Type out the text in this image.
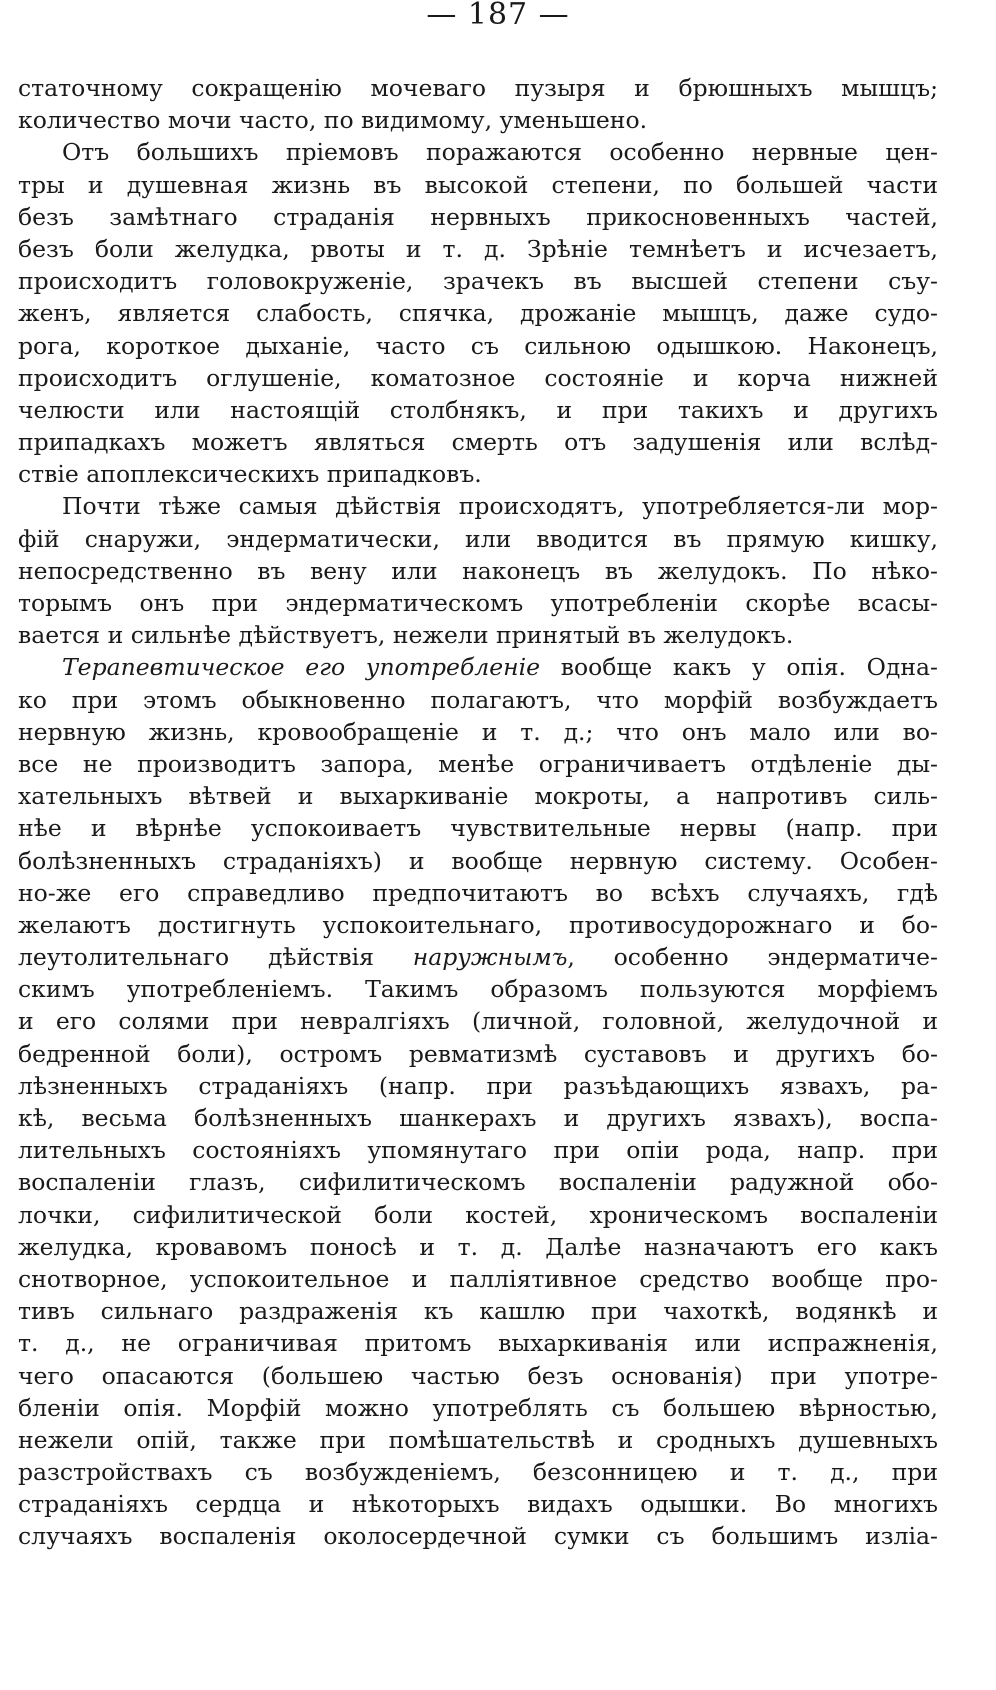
— 187 —
статочному сокращенію мочеваго пузыря и брюшныхъ мышцъ;
количество мочи часто, по видимому, уменьшено.
Отъ большихъ пріемовъ поражаются особенно нервные цен-
тры и душевная жизнь въ высокой степени, по большей части
безъ замѣтнаго страданія нервныхъ прикосновенныхъ частей,
безъ боли желудка, рвоты и т. д. Зрѣніе темнѣетъ и исчезаетъ,
происходитъ головокруженіе, зрачекъ въ высшей степени съу-
женъ, является слабость, спячка, дрожаніе мышцъ, даже судо-
рога, короткое дыханіе, часто съ сильною одышкою. Наконецъ,
происходитъ оглушеніе, коматозное состояніе и корча нижней
челюсти или настоящій столбнякъ, и при такихъ и другихъ
припадкахъ можетъ являться смерть отъ задушенія или вслѣд-
ствіе апоплексическихъ припадковъ.
Почти тѣже самыя дѣйствія происходятъ, употребляется-ли мор-
фій снаружи, эндерматически, или вводится въ прямую кишку,
непосредственно въ вену или наконецъ въ желудокъ. По нѣко-
торымъ онъ при эндерматическомъ употребленіи скорѣе всасы-
вается и сильнѣе дѣйствуетъ, нежели принятый въ желудокъ.
Терапевтическое его употребленіе вообще какъ у опія. Одна-
ко при этомъ обыкновенно полагаютъ, что морфій возбуждаетъ
нервную жизнь, кровообращеніе и т. д.; что онъ мало или во-
все не производитъ запора, менѣе ограничиваетъ отдѣленіе ды-
хательныхъ вѣтвей и выхаркиваніе мокроты, а напротивъ силь-
нѣе и вѣрнѣе успокоиваетъ чувствительные нервы (напр. при
болѣзненныхъ страданіяхъ) и вообще нервную систему. Особен-
но-же его справедливо предпочитаютъ во всѣхъ случаяхъ, гдѣ
желаютъ достигнуть успокоительнаго, противосудорожнаго и бо-
леутолительнаго дѣйствія наружнымъ, особенно эндерматиче-
скимъ употребленіемъ. Такимъ образомъ пользуются морфіемъ
и его солями при невралгіяхъ (личной, головной, желудочной и
бедренной боли), остромъ ревматизмѣ суставовъ и другихъ бо-
лѣзненныхъ страданіяхъ (напр. при разъѣдающихъ язвахъ, ра-
кѣ, весьма болѣзненныхъ шанкерахъ и другихъ язвахъ), воспа-
лительныхъ состояніяхъ упомянутаго при опіи рода, напр. при
воспаленіи глазъ, сифилитическомъ воспаленіи радужной обо-
лочки, сифилитической боли костей, хроническомъ воспаленіи
желудка, кровавомъ поносѣ и т. д. Далѣе назначаютъ его какъ
снотворное, успокоительное и палліятивное средство вообще про-
тивъ сильнаго раздраженія къ кашлю при чахоткѣ, водянкѣ и
т. д., не ограничивая притомъ выхаркиванія или испражненія,
чего опасаются (большею частью безъ основанія) при употре-
бленіи опія. Морфій можно употреблять съ большею вѣрностью,
нежели опій, также при помѣшательствѣ и сродныхъ душевныхъ
разстройствахъ съ возбужденіемъ, безсонницею и т. д., при
страданіяхъ сердца и нѣкоторыхъ видахъ одышки. Во многихъ
случаяхъ воспаленія околосердечной сумки съ большимъ изліа-
